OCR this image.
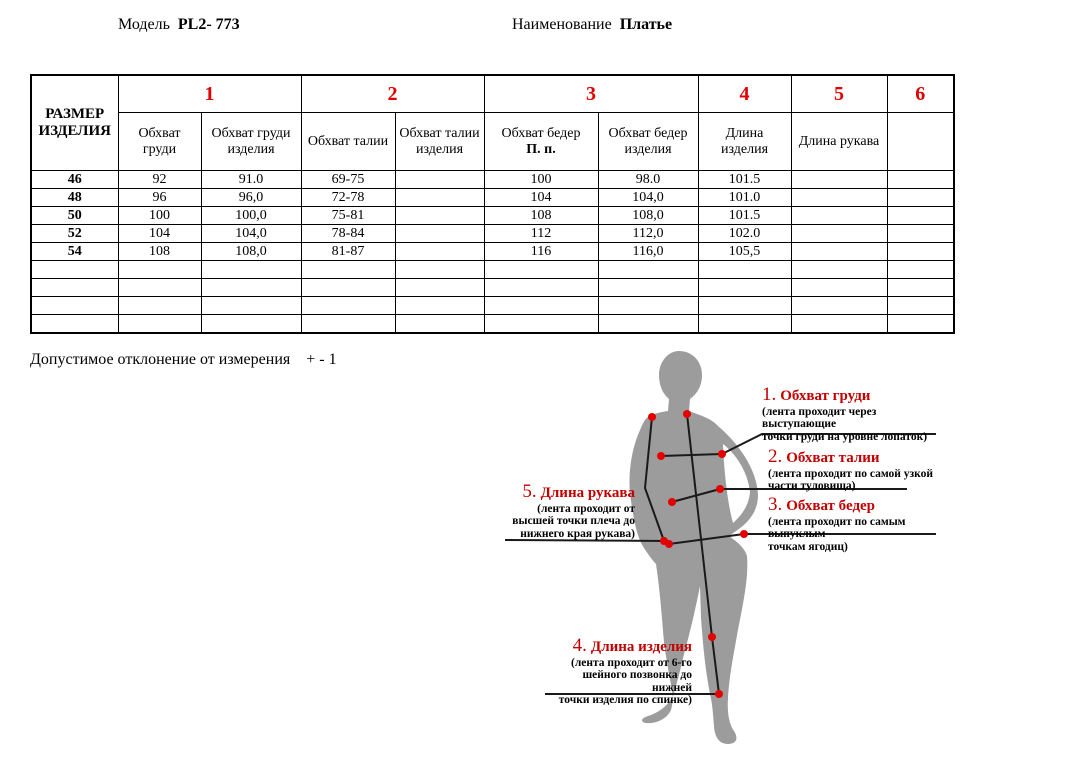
Модель  PL2- 773	Наименование  Платье
РАЗМЕР ИЗДЕЛИЯ	1		2		3		4	5	6
	Обхват груди	Обхват груди изделия	Обхват талии	Обхват талии изделия	Обхват бедер
П. п.	Обхват бедер изделия	Длина изделия	Длина рукава

46	92	91.0	69-75		100	98.0	101.5		
48	96	96,0	72-78		104	104,0	101.0		
50	100	100,0	75-81		108	108,0	101.5		
52	104	104,0	78-84		112	112,0	102.0		
54	108	108,0	81-87		116	116,0	105,5		

Допустимое отклонение от измерения    + - 1
1. Обхват груди
(лента проходит через выступающие
точки груди на уровне лопаток)
2. Обхват талии
(лента проходит по самой узкой
части туловища)
3. Обхват бедер
(лента проходит по самым выпуклым
точкам ягодиц)
4. Длина изделия
(лента проходит от 6-го
шейного позвонка до нижней
точки изделия по спинке)
5. Длина рукава
(лента проходит от
высшей точки плеча до
нижнего края рукава)
